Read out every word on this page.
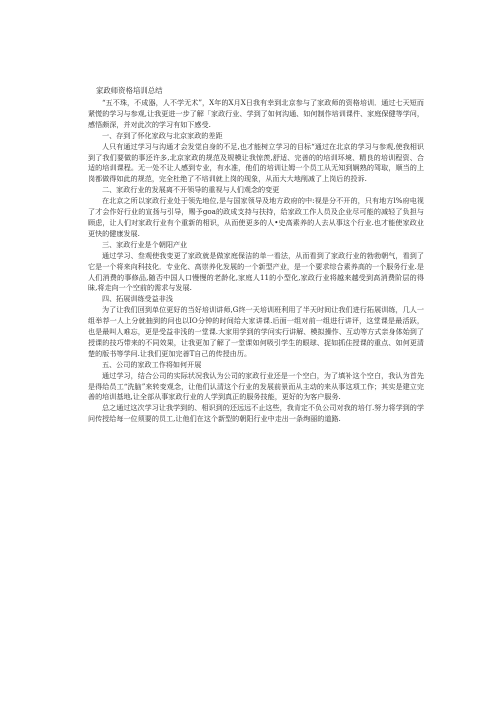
家政师资格培训总结

“五不珠，不成器，人不学无术”，X年的X月X日我有幸到北京参与了家政师的资格培训．通过七天短而紧慌的学习与参观,让我更进一步了解「家政行业、学到了如何沟通、如何制作培训课件、家庭保健等学问，感悟颇深，并对此次的学习有如下感受.

一、存到了怀化家政与北京家政的差距

人只有通过学习与沟通才会发觉自身的不足,也才能树立学习的目标“通过在北京的学习与参观,使我相识到了我们要做的事还许多,北京家政的规范及规模让我惊羡,舒适、完善的的培训环境、精良的培训程资、合适的培训课程。无一处不让人感到专业，有水准，他们的培训让姆一个员工从无知到娴熟的驾取，顺当的上岗都做得如此的规范，完全杜绝了不培训就上岗的现象，从而大大地削减了上岗后的投诉.

二、家政行业的发展离不开领导的重视与人们观念的变更

在北京之所以家政行业处于领先地位,是与国家领导及地方政府的中:视是分不开的，只有地方l%府电视了才会作好行业的宣扬与引导，赐予goa的政成支持与扶持，给家政工作人员及企业尽可能的减轻了负担与顾虑，让人们对家政行业有个重新的相识，从而使更多的人•史高素养的人去从事这个行业.也才能使家政业更快的健康发展.

三、家政行业是个朝阳产业

通过学习、叁观使我变更了家政就是做家庭保洁的单一看法，从而看到了家政行业的勃勃朝气，看到了它是一个将来向科技化．专业化、高崇养化发展的一个新型产业，是一个要求综合素养高的一个服务行业.是人们消费的事修品,随否中国人口慢慢的老龄化,家庭人11的小型化,家政行业将越来越受到高消费阶层的得昧,将走向一个空前的需求与发展.

四、拓展训练受益非浅

为了让我们回到单位更好的当好培训讲师,G终一天培训班利用了半天时间让我们进行拓展训练，几人一组举荐一人上分就抽到的问也以IO分钟的时间给大家讲课.后面一组对前一组进行讲评，这堂课是最活跃，也是最叫人难忘，更是受益非浅的一堂课.大家用学到的学问实行讲解、模拟操作、互动等方式亲身体始到了授课的技巧带来的不同效果，让我更加了解了一堂课如何吸引学生的眼球、捉如抓住授课的重点、如何更清楚的版书等学问.让我们更加完善T自己的传授由历。

五、公司的家政工作将如何开展

通过学习，结合公司的实际状况我认为公司的家政行业还是一个空白，为了填补这个空白，我认为首先是得给员工“洗脑”来转变观念，让他们认清这个行业的发展前景而从主动的来从事这项工作；其实是建立完善的培训基地,让全部从事家政行业的人学到真正的服务技能，更好的为客户服务.

总之通过这次学习让我学到的、相识到的还远远不止这些，我肯定不负公司对我的培仃.努力将学到的学问传授给每一位须要的员工,让他们在这个新型的朝阳行业中走出一条绚丽的道路.
